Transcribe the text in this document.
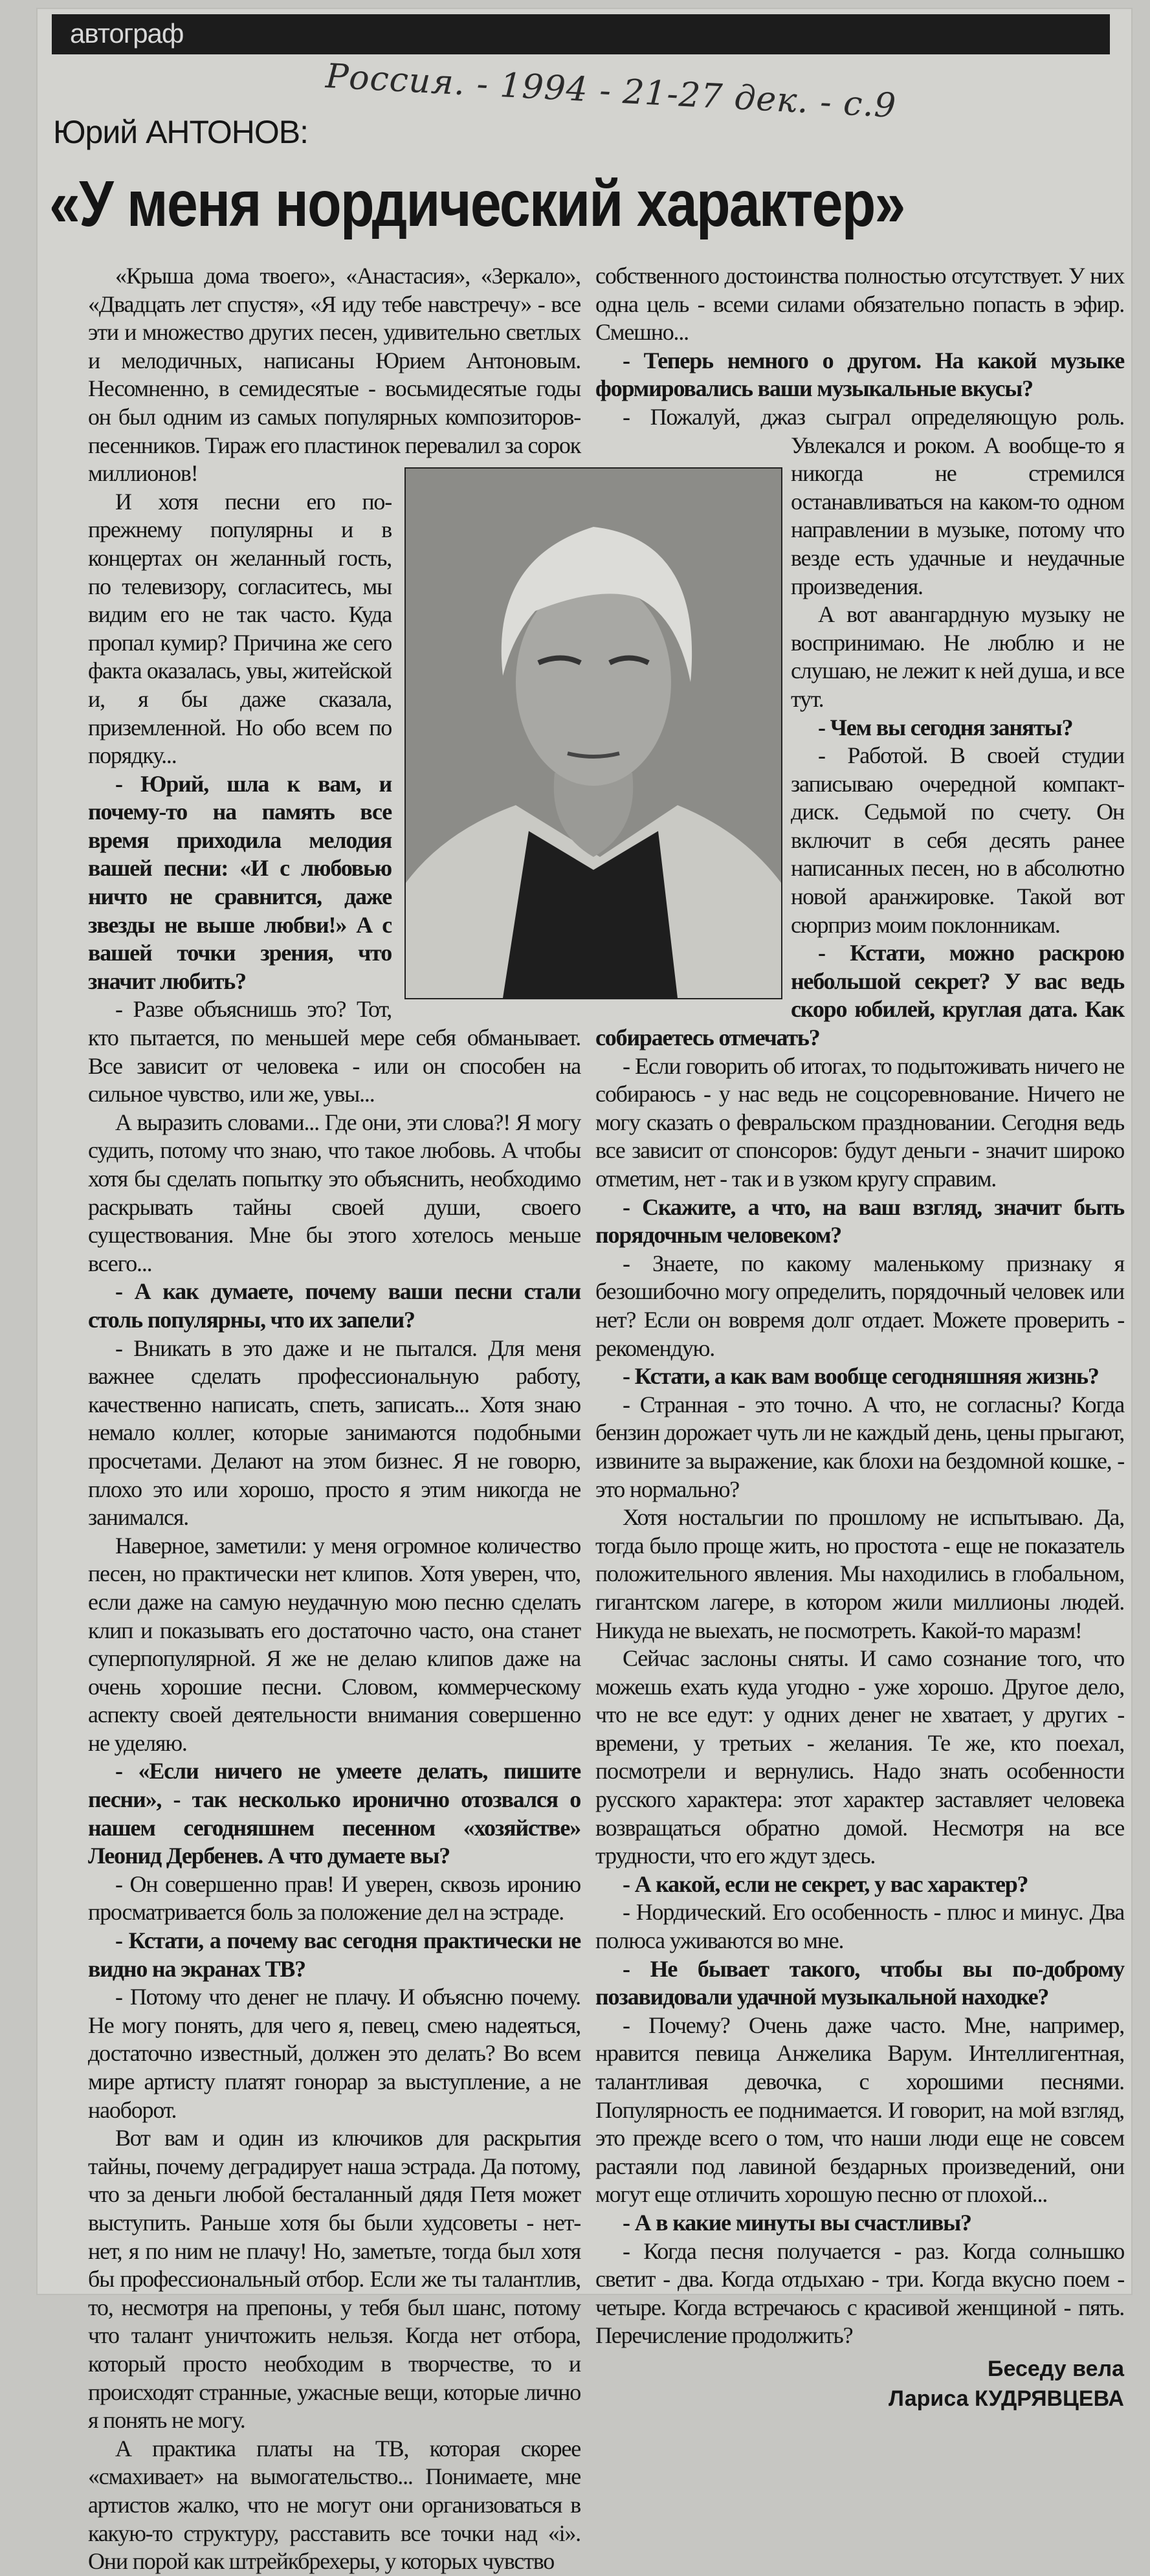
автограф
Россия. - 1994 - 21-27 дек. - с.9
Юрий АНТОНОВ:
«У меня нордический характер»

«Крыша дома твоего», «Анастасия», «Зеркало», «Двадцать лет спустя», «Я иду тебе навстречу» - все эти и множество других песен, удивительно светлых и мелодичных, написаны Юрием Антоновым. Несомненно, в семидесятые - восьмидесятые годы он был одним из самых популярных композиторов-песенников. Тираж его пластинок перевалил за сорок миллионов!

И хотя песни его по-прежнему популярны и в концертах он желанный гость, по телевизору, согласитесь, мы видим его не так часто. Куда пропал кумир? Причина же сего факта оказалась, увы, житейской и, я бы даже сказала, приземленной. Но обо всем по порядку...

- Юрий, шла к вам, и почему-то на память все время приходила мелодия вашей песни: «И с любовью ничто не сравнится, даже звезды не выше любви!» А с вашей точки зрения, что значит любить?

- Разве объяснишь это? Тот, кто пытается, по меньшей мере себя обманывает. Все зависит от человека - или он способен на сильное чувство, или же, увы...

А выразить словами... Где они, эти слова?! Я могу судить, потому что знаю, что такое любовь. А чтобы хотя бы сделать попытку это объяснить, необходимо раскрывать тайны своей души, своего существования. Мне бы этого хотелось меньше всего...

- А как думаете, почему ваши песни стали столь популярны, что их запели?

- Вникать в это даже и не пытался. Для меня важнее сделать профессиональную работу, качественно написать, спеть, записать... Хотя знаю немало коллег, которые занимаются подобными просчетами. Делают на этом бизнес. Я не говорю, плохо это или хорошо, просто я этим никогда не занимался.

Наверное, заметили: у меня огромное количество песен, но практически нет клипов. Хотя уверен, что, если даже на самую неудачную мою песню сделать клип и показывать его достаточно часто, она станет суперпопулярной. Я же не делаю клипов даже на очень хорошие песни. Словом, коммерческому аспекту своей деятельности внимания совершенно не уделяю.

- «Если ничего не умеете делать, пишите песни», - так несколько иронично отозвался о нашем сегодняшнем песенном «хозяйстве» Леонид Дербенев. А что думаете вы?

- Он совершенно прав! И уверен, сквозь иронию просматривается боль за положение дел на эстраде.

- Кстати, а почему вас сегодня практически не видно на экранах ТВ?

- Потому что денег не плачу. И объясню почему. Не могу понять, для чего я, певец, смею надеяться, достаточно известный, должен это делать? Во всем мире артисту платят гонорар за выступление, а не наоборот.

Вот вам и один из ключиков для раскрытия тайны, почему деградирует наша эстрада. Да потому, что за деньги любой бесталанный дядя Петя может выступить. Раньше хотя бы были худсоветы - нет-нет, я по ним не плачу! Но, заметьте, тогда был хотя бы профессиональный отбор. Если же ты талантлив, то, несмотря на препоны, у тебя был шанс, потому что талант уничтожить нельзя. Когда нет отбора, который просто необходим в творчестве, то и происходят странные, ужасные вещи, которые лично я понять не могу.

А практика платы на ТВ, которая скорее «смахивает» на вымогательство... Понимаете, мне артистов жалко, что не могут они организоваться в какую-то структуру, расставить все точки над «i». Они порой как штрейкбрехеры, у которых чувство

собственного достоинства полностью отсутствует. У них одна цель - всеми силами обязательно попасть в эфир. Смешно...

- Теперь немного о другом. На какой музыке формировались ваши музыкальные вкусы?

- Пожалуй, джаз сыграл определяющую роль. Увлекался и роком. А вообще-то я никогда не стремился останавливаться на каком-то одном направлении в музыке, потому что везде есть удачные и неудачные произведения.

А вот авангардную музыку не воспринимаю. Не люблю и не слушаю, не лежит к ней душа, и все тут.

- Чем вы сегодня заняты?

- Работой. В своей студии записываю очередной компакт-диск. Седьмой по счету. Он включит в себя десять ранее написанных песен, но в абсолютно новой аранжировке. Такой вот сюрприз моим поклонникам.

- Кстати, можно раскрою небольшой секрет? У вас ведь скоро юбилей, круглая дата. Как собираетесь отмечать?

- Если говорить об итогах, то подытоживать ничего не собираюсь - у нас ведь не соцсоревнование. Ничего не могу сказать о февральском праздновании. Сегодня ведь все зависит от спонсоров: будут деньги - значит широко отметим, нет - так и в узком кругу справим.

- Скажите, а что, на ваш взгляд, значит быть порядочным человеком?

- Знаете, по какому маленькому признаку я безошибочно могу определить, порядочный человек или нет? Если он вовремя долг отдает. Можете проверить - рекомендую.

- Кстати, а как вам вообще сегодняшняя жизнь?

- Странная - это точно. А что, не согласны? Когда бензин дорожает чуть ли не каждый день, цены прыгают, извините за выражение, как блохи на бездомной кошке, - это нормально?

Хотя ностальгии по прошлому не испытываю. Да, тогда было проще жить, но простота - еще не показатель положительного явления. Мы находились в глобальном, гигантском лагере, в котором жили миллионы людей. Никуда не выехать, не посмотреть. Какой-то маразм!

Сейчас заслоны сняты. И само сознание того, что можешь ехать куда угодно - уже хорошо. Другое дело, что не все едут: у одних денег не хватает, у других - времени, у третьих - желания. Те же, кто поехал, посмотрели и вернулись. Надо знать особенности русского характера: этот характер заставляет человека возвращаться обратно домой. Несмотря на все трудности, что его ждут здесь.

- А какой, если не секрет, у вас характер?

- Нордический. Его особенность - плюс и минус. Два полюса уживаются во мне.

- Не бывает такого, чтобы вы по-доброму позавидовали удачной музыкальной находке?

- Почему? Очень даже часто. Мне, например, нравится певица Анжелика Варум. Интеллигентная, талантливая девочка, с хорошими песнями. Популярность ее поднимается. И говорит, на мой взгляд, это прежде всего о том, что наши люди еще не совсем растаяли под лавиной бездарных произведений, они могут еще отличить хорошую песню от плохой...

- А в какие минуты вы счастливы?

- Когда песня получается - раз. Когда солнышко светит - два. Когда отдыхаю - три. Когда вкусно поем - четыре. Когда встречаюсь с красивой женщиной - пять. Перечисление продолжить?

Беседу вела
Лариса КУДРЯВЦЕВА
